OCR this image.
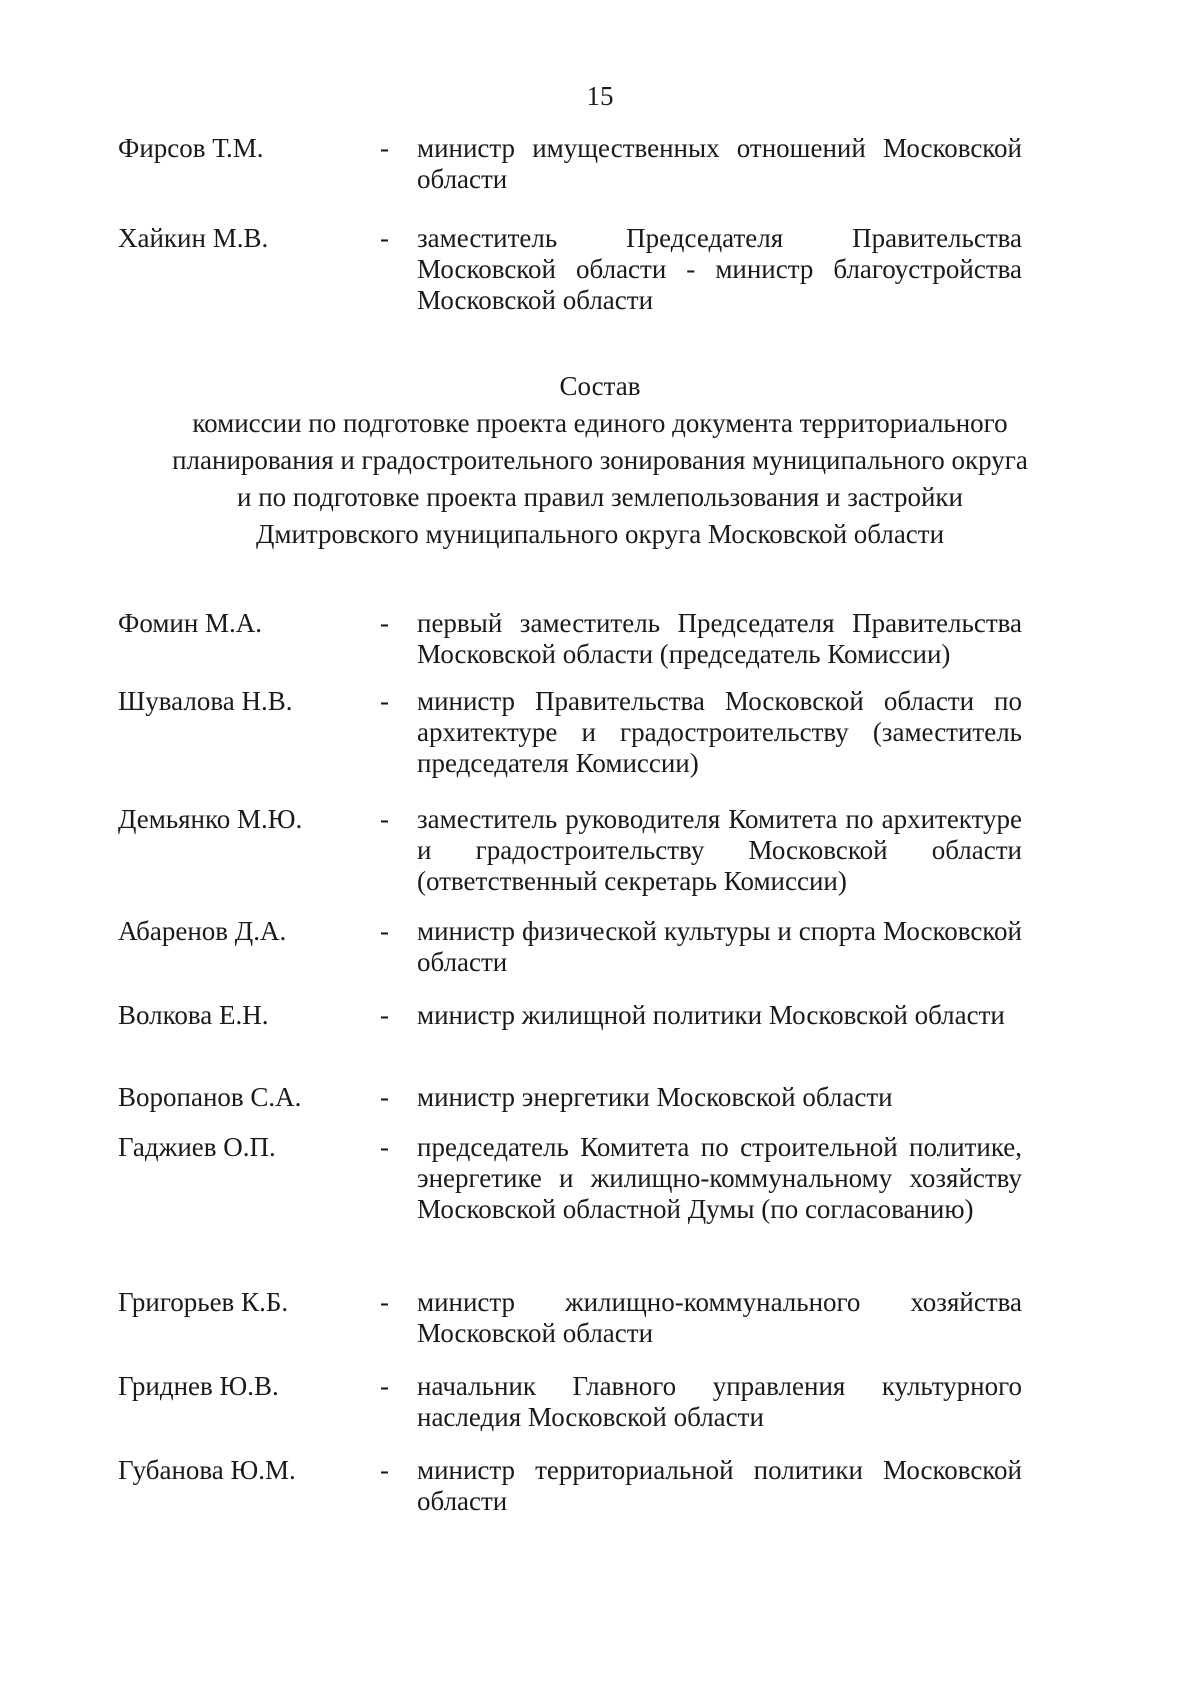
15
Фирсов Т.М.	- министр имущественных отношений Московской области
Хайкин М.В.	- заместитель Председателя Правительства Московской области - министр благоустройства Московской области
Состав
комиссии по подготовке проекта единого документа территориального
планирования и градостроительного зонирования муниципального округа
и по подготовке проекта правил землепользования и застройки
Дмитровского муниципального округа Московской области
Фомин М.А.	- первый заместитель Председателя Правительства Московской области (председатель Комиссии)
Шувалова Н.В.	- министр Правительства Московской области по архитектуре и градостроительству (заместитель председателя Комиссии)
Демьянко М.Ю.	- заместитель руководителя Комитета по архитектуре и градостроительству Московской области (ответственный секретарь Комиссии)
Абаренов Д.А.	- министр физической культуры и спорта Московской области
Волкова Е.Н.	- министр жилищной политики Московской области
Воропанов С.А.	- министр энергетики Московской области
Гаджиев О.П.	- председатель Комитета по строительной политике, энергетике и жилищно-коммунальному хозяйству Московской областной Думы (по согласованию)
Григорьев К.Б.	- министр жилищно-коммунального хозяйства Московской области
Гриднев Ю.В.	- начальник Главного управления культурного наследия Московской области
Губанова Ю.М.	- министр территориальной политики Московской области
